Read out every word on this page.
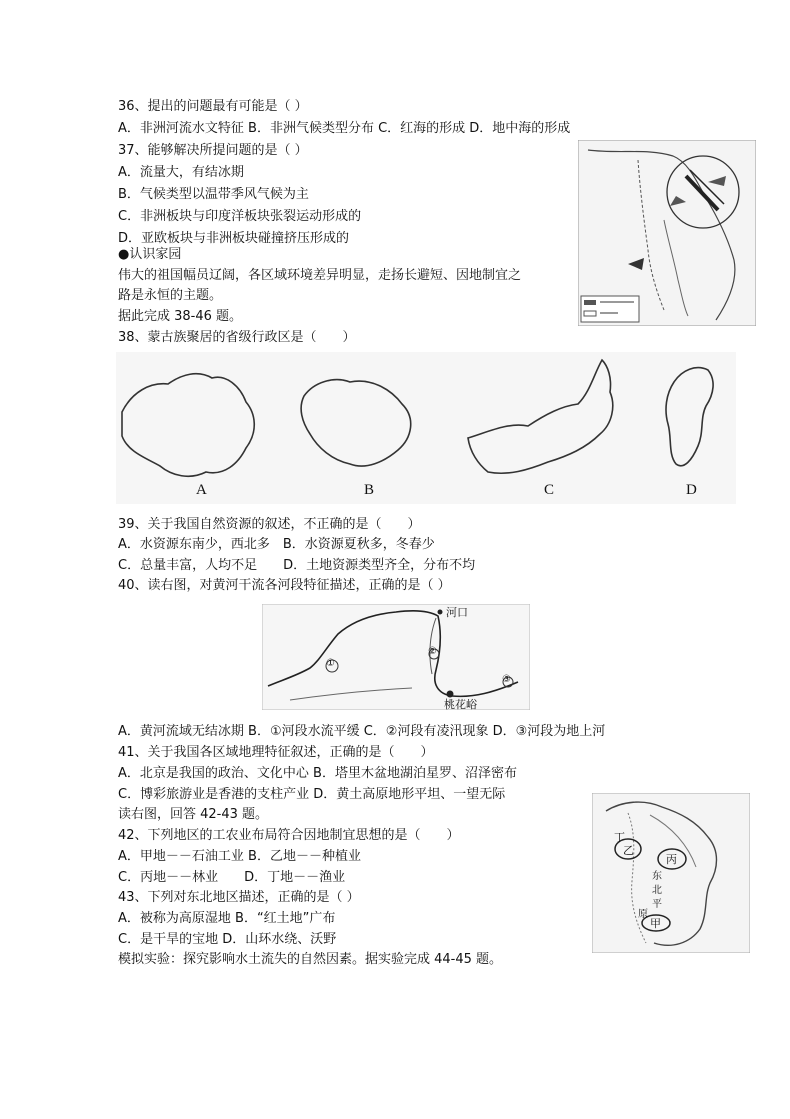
36、提出的问题最有可能是（ ）
A．非洲河流水文特征 B．非洲气候类型分布 C．红海的形成 D．地中海的形成
37、能够解决所提问题的是（ ）
A．流量大，有结冰期
B．气候类型以温带季风气候为主
C．非洲板块与印度洋板块张裂运动形成的
D．亚欧板块与非洲板块碰撞挤压形成的
●认识家园
伟大的祖国幅员辽阔，各区域环境差异明显，走扬长避短、因地制宜之
路是永恒的主题。
据此完成 38-46 题。
38、蒙古族聚居的省级行政区是（　　）
39、关于我国自然资源的叙述，不正确的是（　　）
A．水资源东南少，西北多　B．水资源夏秋多，冬春少
C．总量丰富，人均不足　　D．土地资源类型齐全，分布不均
40、读右图，对黄河干流各河段特征描述，正确的是（ ）
A．黄河流域无结冰期 B．①河段水流平缓 C．②河段有凌汛现象 D．③河段为地上河
41、关于我国各区域地理特征叙述，正确的是（　　）
A．北京是我国的政治、文化中心 B．塔里木盆地湖泊星罗、沼泽密布
C．博彩旅游业是香港的支柱产业 D．黄土高原地形平坦、一望无际
读右图，回答 42-43 题。
42、下列地区的工农业布局符合因地制宜思想的是（　　）
A．甲地－－石油工业 B．乙地－－种植业
C．丙地－－林业　　D．丁地－－渔业
43、下列对东北地区描述，正确的是（ ）
A．被称为高原湿地 B．“红土地”广布
C．是干旱的宝地 D．山环水绕、沃野
模拟实验：探究影响水土流失的自然因素。据实验完成 44-45 题。
A	B	C	D
河口
桃花峪
①
②
③
丁
乙
丙
甲
东
北
平
原
